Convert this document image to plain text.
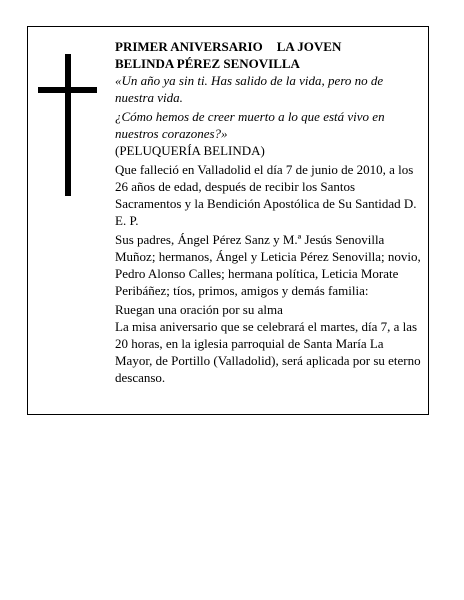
PRIMER ANIVERSARIO LA JOVEN

BELINDA PÉREZ SENOVILLA

«Un año ya sin ti. Has salido de la vida, pero no de nuestra vida.

¿Cómo hemos de creer muerto a lo que está vivo en nuestros corazones?»

(PELUQUERÍA BELINDA)

Que falleció en Valladolid el día 7 de junio de 2010, a los 26 años de edad, después de recibir los Santos Sacramentos y la Bendición Apostólica de Su Santidad D. E. P.

Sus padres, Ángel Pérez Sanz y M.ª Jesús Senovilla Muñoz; hermanos, Ángel y Leticia Pérez Senovilla; novio, Pedro Alonso Calles; hermana política, Leticia Morate Peribáñez; tíos, primos, amigos y demás familia:

Ruegan una oración por su alma

La misa aniversario que se celebrará el martes, día 7, a las 20 horas, en la iglesia parroquial de Santa María La Mayor, de Portillo (Valladolid), será aplicada por su eterno descanso.
